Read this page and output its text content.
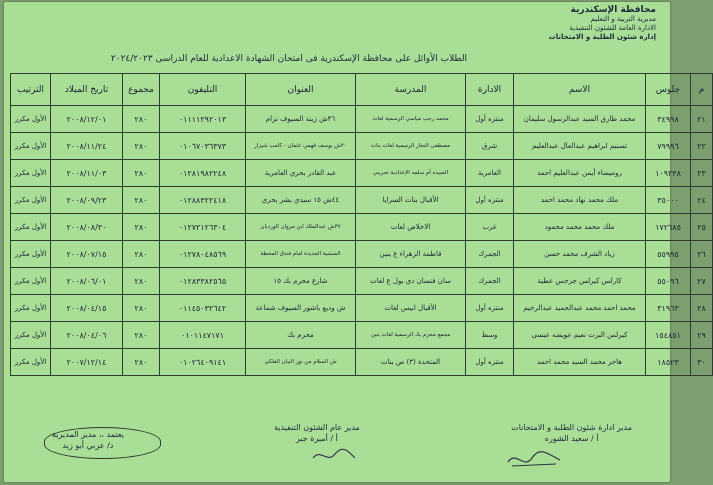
محافظة الإسكندرية
مديرية التربية و التعليم
الادارة العامة للشئون التنفيذية
إدارة شئون الطلبة و الامتحانات
الطلاب الأوائل على محافظة الإسكندرية فى امتحان الشهادة الاعدادية للعام الدراسى ٢٠٢٤/٢٠٢٣
م	جلوس	الاسم	الادارة	المدرسة	العنوان	التليفون	مجموع	تاريخ الميلاد	الترتيب
٢١	٣٤٩٩٨	محمد طارق السيد عبدالرسول سليمان	منتزه أول	محمد رجب مياسي الرسمية لغات	٣٦ش زينة السيوف ترام	٠١١١١٢٩٢٠١٣	٢٨٠	٢٠٠٨/١٢/٠١	الأول مكرر
٢٢	٧٩٩٩٦	تسنيم ابراهيم عبدالعال عبدالعليم	شرق	مصطفى النجار الرسمية لغات بنات	٢٠ش يوسف فهمي عثمان - كامب شيزار	٠١٠٦٧٠٣٦٣٧٣	٢٨٠	٢٠٠٨/١١/٢٤	الأول مكرر
٢٣	١٠٩٢٣٨	روميساء أيمن عبدالعليم احمد	العامرية	السيده أم سلمه الإعدادية تجريبي	عبد القادر بحري العامرية	٠١٢٨١٩٨٢٢٤٨	٢٨٠	٢٠٠٨/١١/٠٣	الأول مكرر
٢٤	٣٥٠٠٠	ملك محمد نهاد محمد احمد	منتزه أول	الأقبال بنات السرايا	٤٤ش ١٥ سيدي بشر بحري	٠١٢٨٨٣٢٢٤١٨	٢٨٠	٢٠٠٨/٠٩/٢٣	الأول مكرر
٢٥	١٧٢٦٨٥	ملك محمد محمد محمود	غرب	الاخلاص لغات	٣٧ش عبدالملك ابن مروان الوردبان	٠١٢٧٢١٢٦٣٠٤	٢٨٠	٢٠٠٨/٠٨/٣٠	الأول مكرر
٢٦	٥٥٩٩٥	زياد الشرف محمد حسن	الجمرك	فاطمة الزهراء ع بنين	المنشية الجديدة امام فندق المحطة	٠١٢٧٨٠٤٨٥٦٩	٢٨٠	٢٠٠٨/٠٧/١٥	الأول مكرر
٢٧	٥٥٠٩٦	كارلس كيرلس جرجس عطية	الجمرك	سان فنسان دي بول ع لغات	شارع محرم بك ١٥	٠١٢٨٣٣٨٢٥٦٥	٢٨٠	٢٠٠٨/٠٦/٠١	الأول مكرر
٢٨	٣١٩٦٣	محمد احمد محمد عبدالحميد عبدالرحيم	منتزه أول	الأقبال ابيس لغات	ش وديع باشور السيوف شماعة	٠١١٤٥٠٣٢٦٤٢	٢٨٠	٢٠٠٨/٠٤/١٥	الأول مكرر
٢٩	١٥٤٨٥١	كيرلس البرت نعيم عويضه عيسى	وسط	مجمع محرم بك الرسمية لغات بنين	محرم بك	٠١٠١١٤٧١٧١	٢٨٠	٢٠٠٨/٠٤/٠٦	الأول مكرر
٣٠	١٨٥٢٣	هاجر محمد السيد محمد احمد	منتزه أول	المتحدة (٣) ص بنات	ش السلام من نور البيان الفلكي	٠١٠٢٦٤٠٩١٤١	٢٨٠	٢٠٠٧/١٢/١٤	الأول مكرر
مدير ادارة شئون الطلبة و الامتحانات
أ / سعيد الشوره
مدير عام الشئون التنفيذية
أ / أميرة جبر
يعتمد ،، مدير المديرية
د/ عربي أبو زيد
